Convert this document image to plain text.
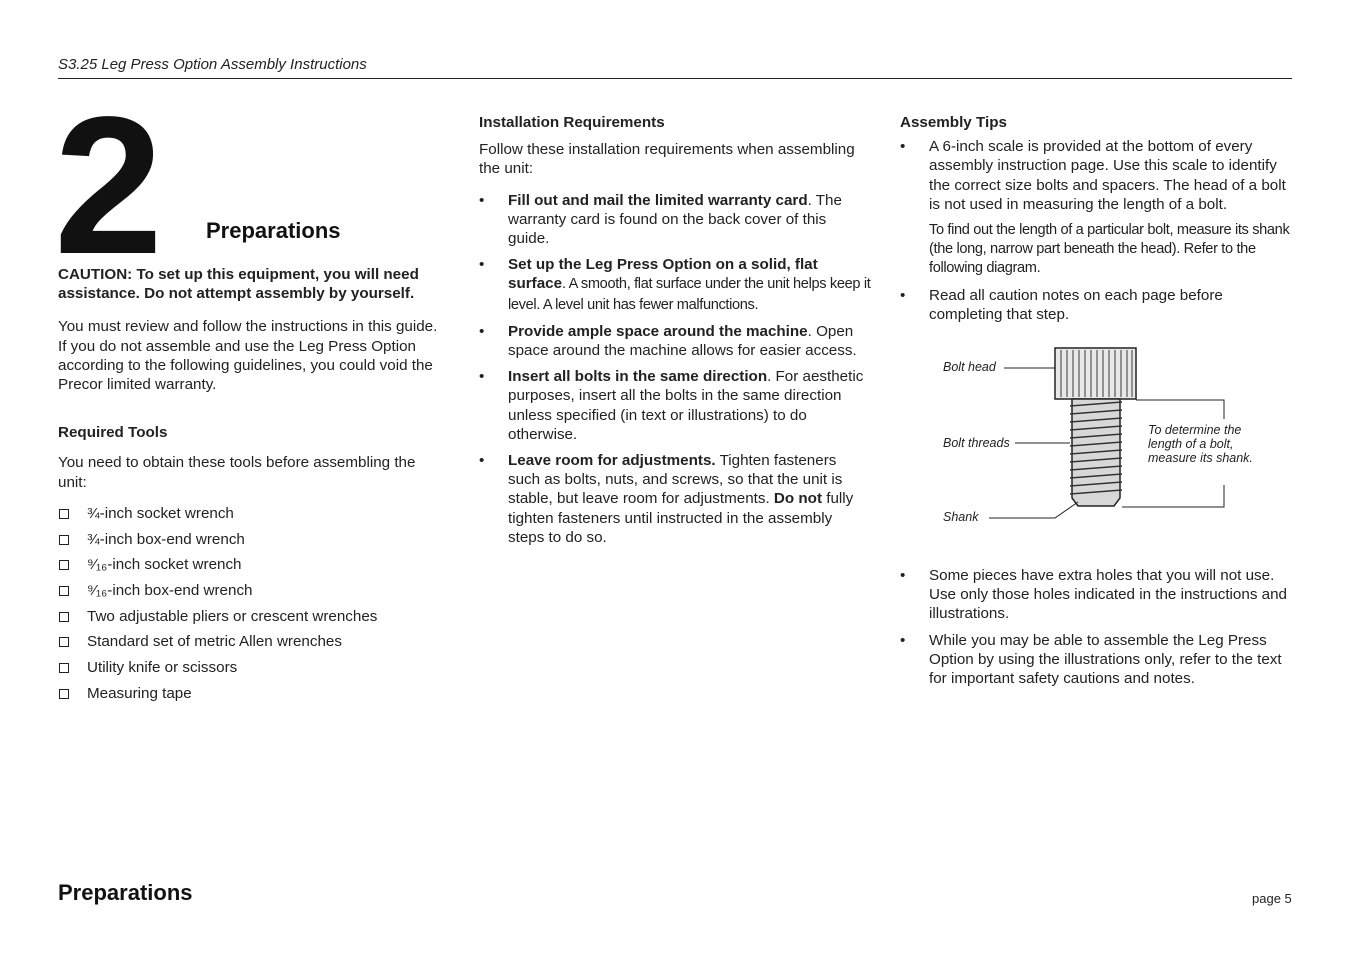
S3.25 Leg Press Option Assembly Instructions
2 Preparations

CAUTION: To set up this equipment, you will need assistance. Do not attempt assembly by yourself.

You must review and follow the instructions in this guide. If you do not assemble and use the Leg Press Option according to the following guidelines, you could void the Precor limited warranty.

Required Tools

You need to obtain these tools before assembling the unit:

¾-inch socket wrench
¾-inch box-end wrench
⁹⁄₁₆-inch socket wrench
⁹⁄₁₆-inch box-end wrench
Two adjustable pliers or crescent wrenches
Standard set of metric Allen wrenches
Utility knife or scissors
Measuring tape
Installation Requirements

Follow these installation requirements when assembling the unit:

• Fill out and mail the limited warranty card. The warranty card is found on the back cover of this guide.
• Set up the Leg Press Option on a solid, flat surface. A smooth, flat surface under the unit helps keep it level. A level unit has fewer malfunctions.
• Provide ample space around the machine. Open space around the machine allows for easier access.
• Insert all bolts in the same direction. For aesthetic purposes, insert all the bolts in the same direction unless specified (in text or illustrations) to do otherwise.
• Leave room for adjustments. Tighten fasteners such as bolts, nuts, and screws, so that the unit is stable, but leave room for adjustments. Do not fully tighten fasteners until instructed in the assembly steps to do so.
Assembly Tips
• A 6-inch scale is provided at the bottom of every assembly instruction page. Use this scale to identify the correct size bolts and spacers. The head of a bolt is not used in measuring the length of a bolt.

To find out the length of a particular bolt, measure its shank (the long, narrow part beneath the head). Refer to the following diagram.

• Read all caution notes on each page before completing that step.
Bolt head
Bolt threads
Shank
To determine the
length of a bolt,
measure its shank.
• Some pieces have extra holes that you will not use. Use only those holes indicated in the instructions and illustrations.
• While you may be able to assemble the Leg Press Option by using the illustrations only, refer to the text for important safety cautions and notes.
Preparations	page 5
